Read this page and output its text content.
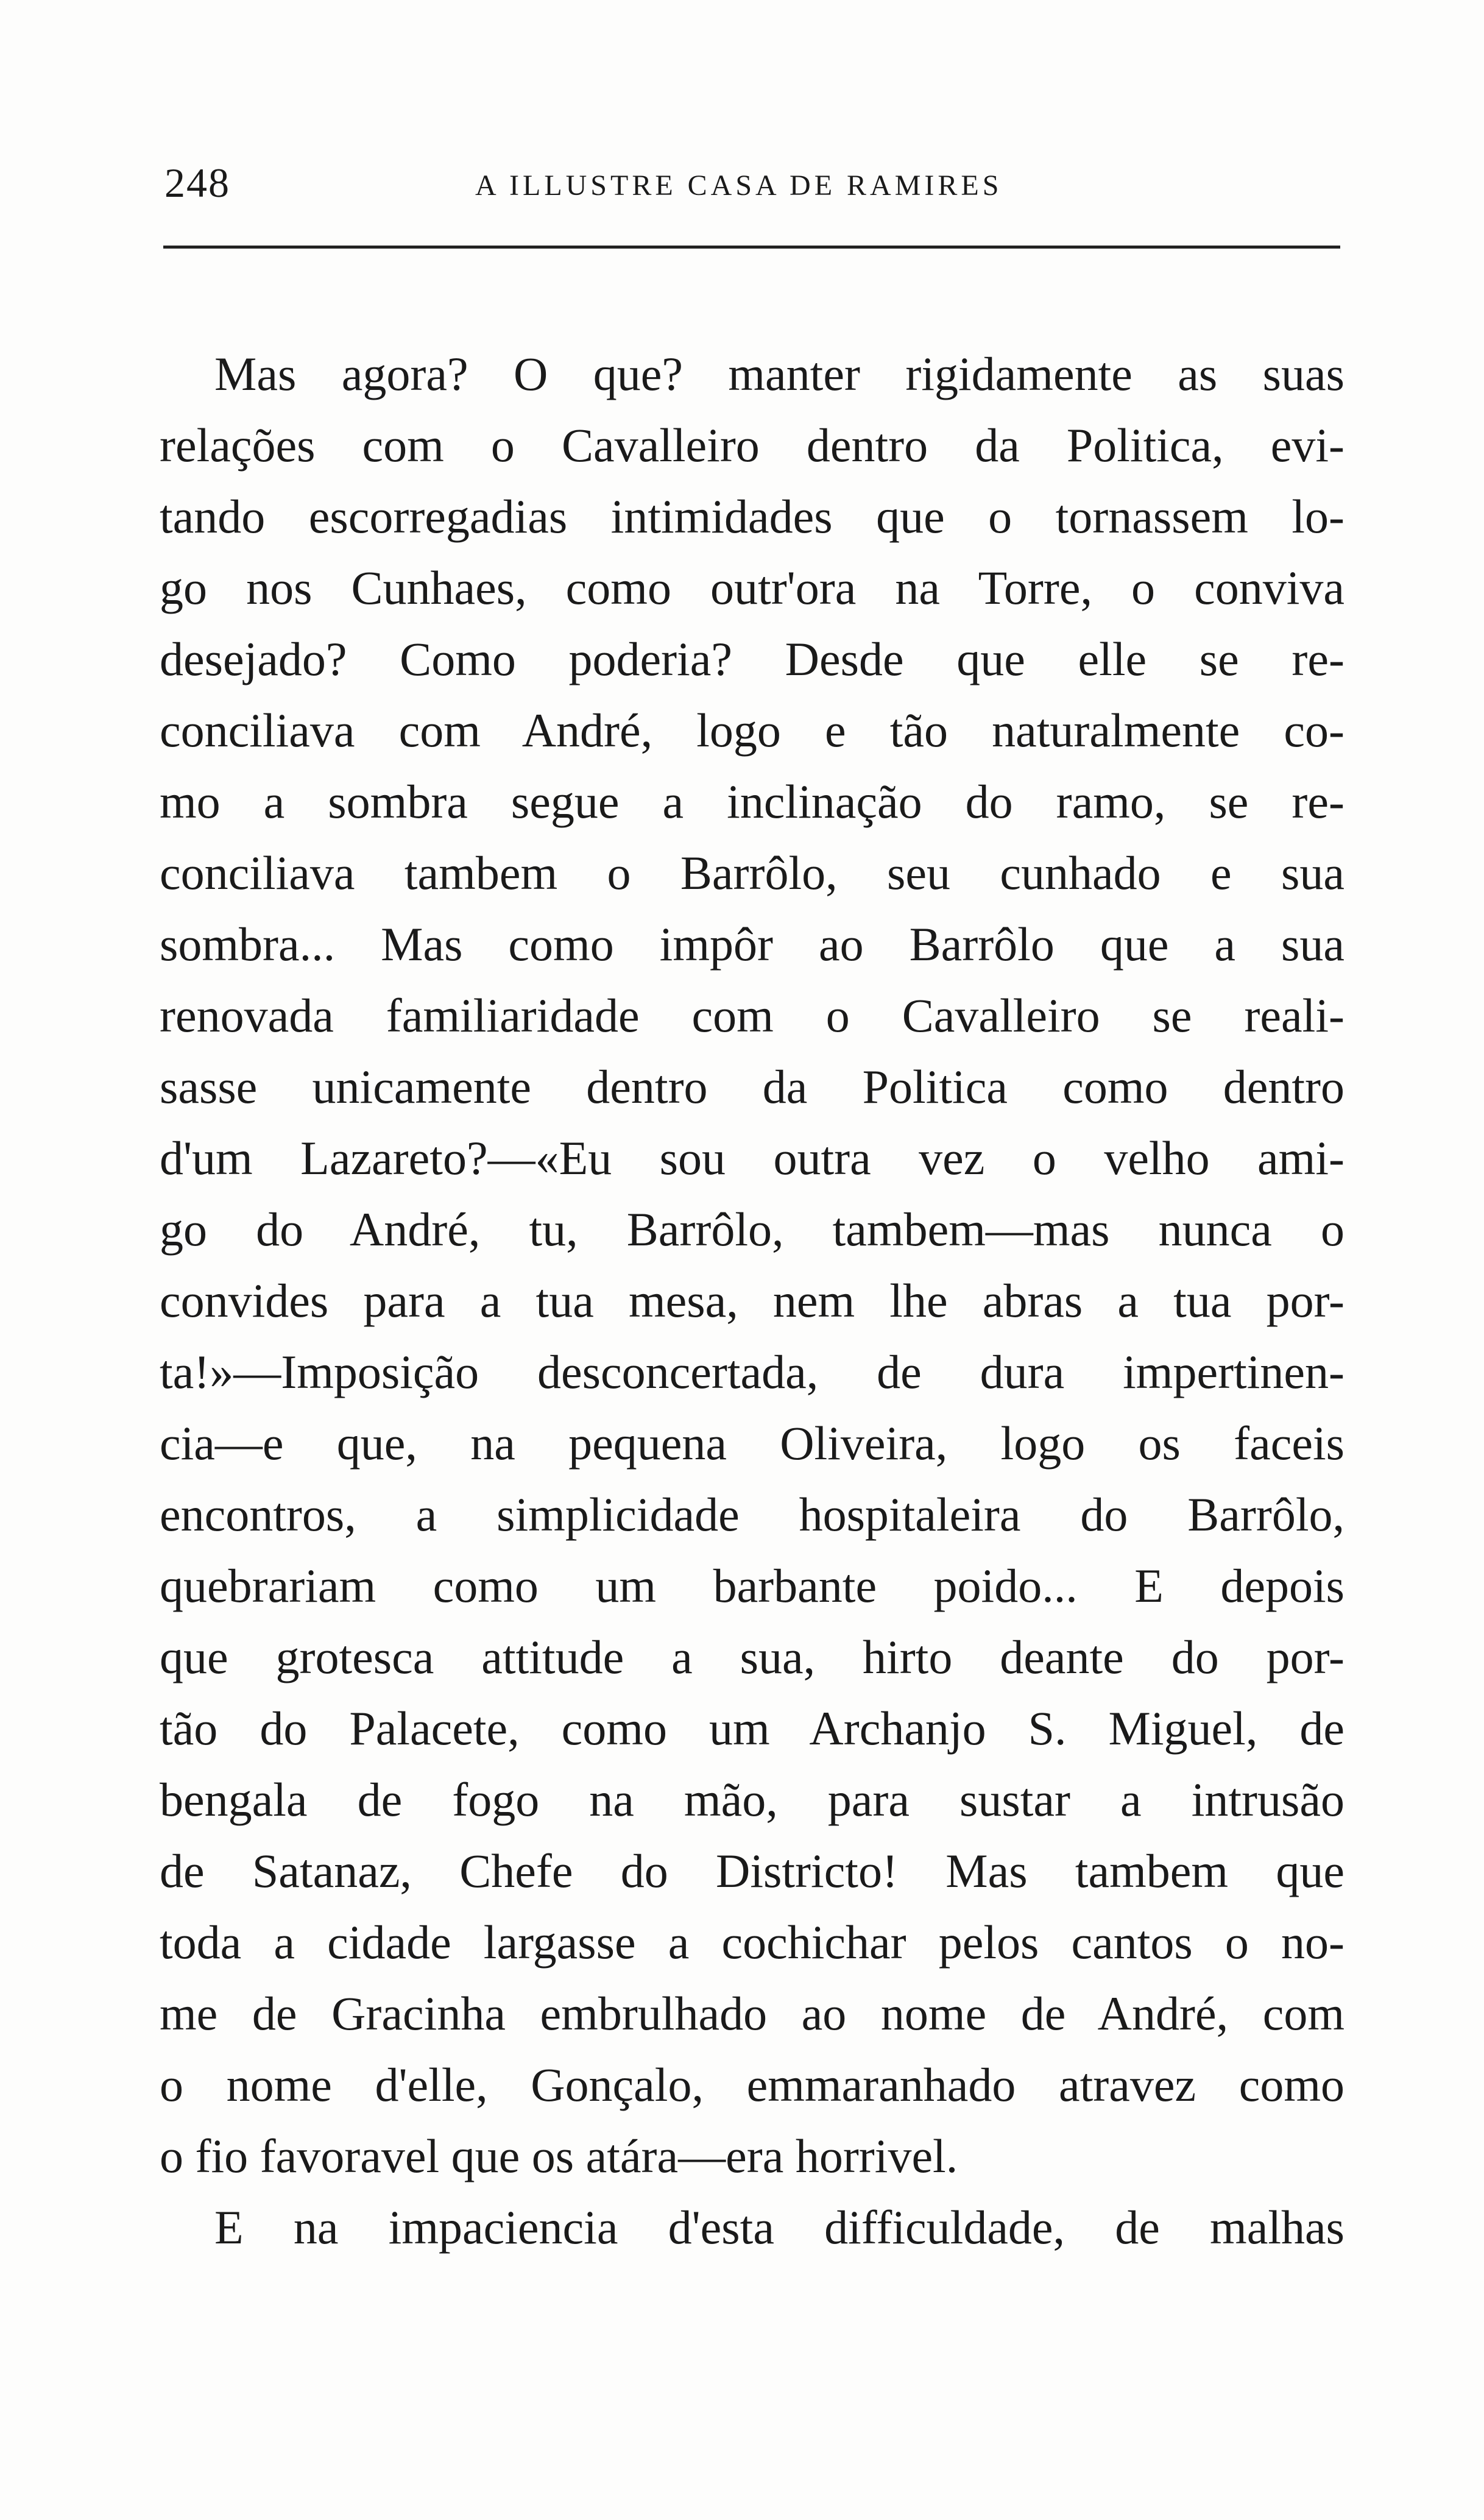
248	A ILLUSTRE CASA DE RAMIRES
Mas agora? O que? manter rigidamente as suas
relações com o Cavalleiro dentro da Politica, evi-
tando escorregadias intimidades que o tornassem lo-
go nos Cunhaes, como outr'ora na Torre, o conviva
desejado? Como poderia? Desde que elle se re-
conciliava com André, logo e tão naturalmente co-
mo a sombra segue a inclinação do ramo, se re-
conciliava tambem o Barrôlo, seu cunhado e sua
sombra... Mas como impôr ao Barrôlo que a sua
renovada familiaridade com o Cavalleiro se reali-
sasse unicamente dentro da Politica como dentro
d'um Lazareto?—«Eu sou outra vez o velho ami-
go do André, tu, Barrôlo, tambem—mas nunca o
convides para a tua mesa, nem lhe abras a tua por-
ta!»—Imposição desconcertada, de dura impertinen-
cia—e que, na pequena Oliveira, logo os faceis
encontros, a simplicidade hospitaleira do Barrôlo,
quebrariam como um barbante poido... E depois
que grotesca attitude a sua, hirto deante do por-
tão do Palacete, como um Archanjo S. Miguel, de
bengala de fogo na mão, para sustar a intrusão
de Satanaz, Chefe do Districto! Mas tambem que
toda a cidade largasse a cochichar pelos cantos o no-
me de Gracinha embrulhado ao nome de André, com
o nome d'elle, Gonçalo, emmaranhado atravez como
o fio favoravel que os atára—era horrivel.
E na impaciencia d'esta difficuldade, de malhas
